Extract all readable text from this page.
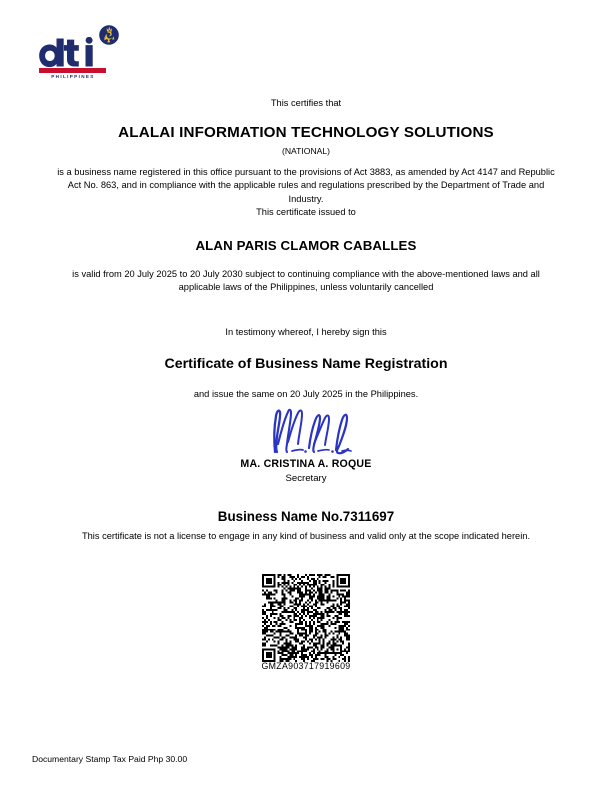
PHILIPPINES
This certifies that
ALALAI INFORMATION TECHNOLOGY SOLUTIONS
(NATIONAL)
is a business name registered in this office pursuant to the provisions of Act 3883, as amended by Act 4147 and Republic Act No. 863, and in compliance with the applicable rules and regulations prescribed by the Department of Trade and Industry.
This certificate issued to
ALAN PARIS CLAMOR CABALLES
is valid from 20 July 2025 to 20 July 2030 subject to continuing compliance with the above-mentioned laws and all applicable laws of the Philippines, unless voluntarily cancelled
In testimony whereof, I hereby sign this
Certificate of Business Name Registration
and issue the same on 20 July 2025 in the Philippines.
MA. CRISTINA A. ROQUE
Secretary
Business Name No.7311697
This certificate is not a license to engage in any kind of business and valid only at the scope indicated herein.
GMZA903717919609
Documentary Stamp Tax Paid Php 30.00
